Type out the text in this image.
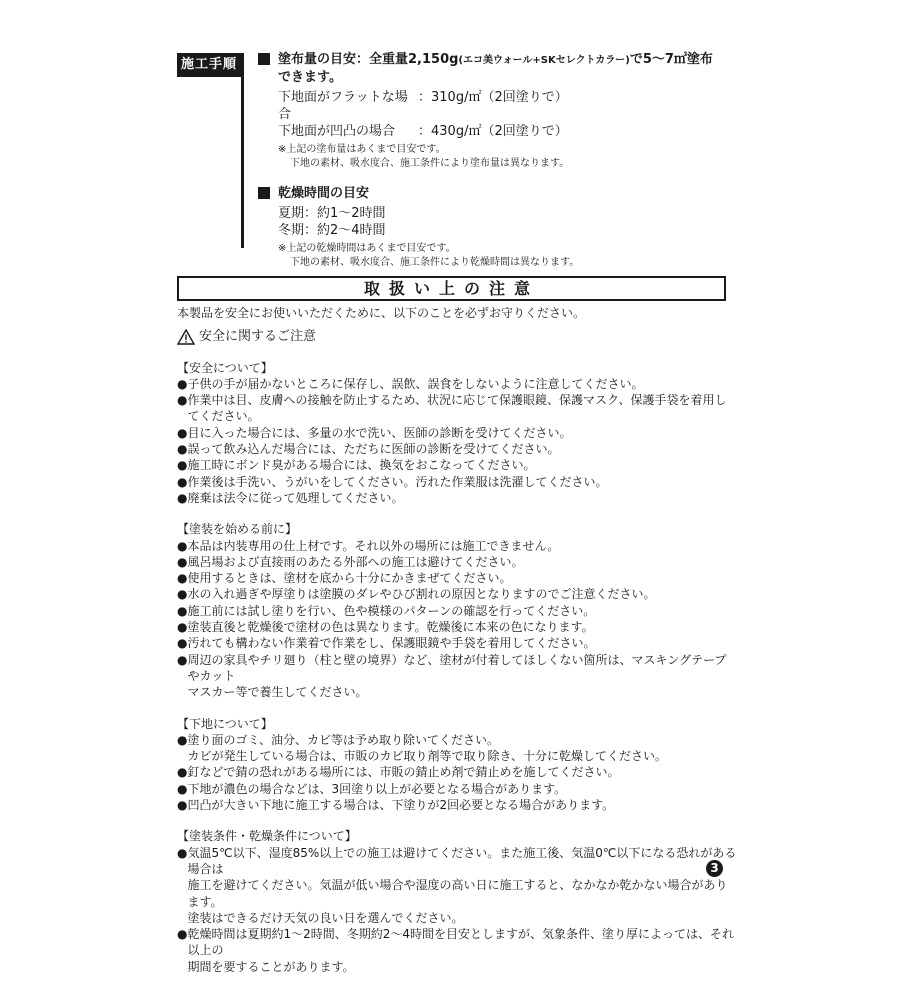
施工手順	塗布量の目安：全重量2,150g(エコ美ウォール+SKセレクトカラー)で5～7㎡塗布
できます。
下地面がフラットな場合
：310g/㎡（2回塗りで）
下地面が凹凸の場合	：430g/㎡（2回塗りで）
※上記の塗布量はあくまで目安です。
下地の素材、吸水度合、施工条件により塗布量は異なります。
乾燥時間の目安
夏期：約1～2時間
冬期：約2～4時間
※上記の乾燥時間はあくまで目安です。
下地の素材、吸水度合、施工条件により乾燥時間は異なります。
取扱い上の注意
本製品を安全にお使いいただくために、以下のことを必ずお守りください。
安全に関するご注意
【安全について】
● 子供の手が届かないところに保存し、誤飲、誤食をしないように注意してください。
● 作業中は目、皮膚への接触を防止するため、状況に応じて保護眼鏡、保護マスク、保護手袋を着用してください。
● 目に入った場合には、多量の水で洗い、医師の診断を受けてください。
● 誤って飲み込んだ場合には、ただちに医師の診断を受けてください。
● 施工時にボンド臭がある場合には、換気をおこなってください。
● 作業後は手洗い、うがいをしてください。汚れた作業服は洗濯してください。
● 廃棄は法令に従って処理してください。
【塗装を始める前に】
● 本品は内装専用の仕上材です。それ以外の場所には施工できません。
● 風呂場および直接雨のあたる外部への施工は避けてください。
● 使用するときは、塗材を底から十分にかきまぜてください。
● 水の入れ過ぎや厚塗りは塗膜のダレやひび割れの原因となりますのでご注意ください。
● 施工前には試し塗りを行い、色や模様のパターンの確認を行ってください。
● 塗装直後と乾燥後で塗材の色は異なります。乾燥後に本来の色になります。
● 汚れても構わない作業着で作業をし、保護眼鏡や手袋を着用してください。
● 周辺の家具やチリ廻り（柱と壁の境界）など、塗材が付着してほしくない箇所は、マスキングテープやカット
マスカー等で養生してください。
【下地について】
● 塗り面のゴミ、油分、カビ等は予め取り除いてください。
カビが発生している場合は、市販のカビ取り剤等で取り除き、十分に乾燥してください。
● 釘などで錆の恐れがある場所には、市販の錆止め剤で錆止めを施してください。
● 下地が濃色の場合などは、3回塗り以上が必要となる場合があります。
● 凹凸が大きい下地に施工する場合は、下塗りが2回必要となる場合があります。
【塗装条件・乾燥条件について】
● 気温5℃以下、湿度85%以上での施工は避けてください。また施工後、気温0℃以下になる恐れがある場合は
施工を避けてください。気温が低い場合や湿度の高い日に施工すると、なかなか乾かない場合があります。
塗装はできるだけ天気の良い日を選んでください。
● 乾燥時間は夏期約1～2時間、冬期約2～4時間を目安としますが、気象条件、塗り厚によっては、それ以上の
期間を要することがあります。
3
